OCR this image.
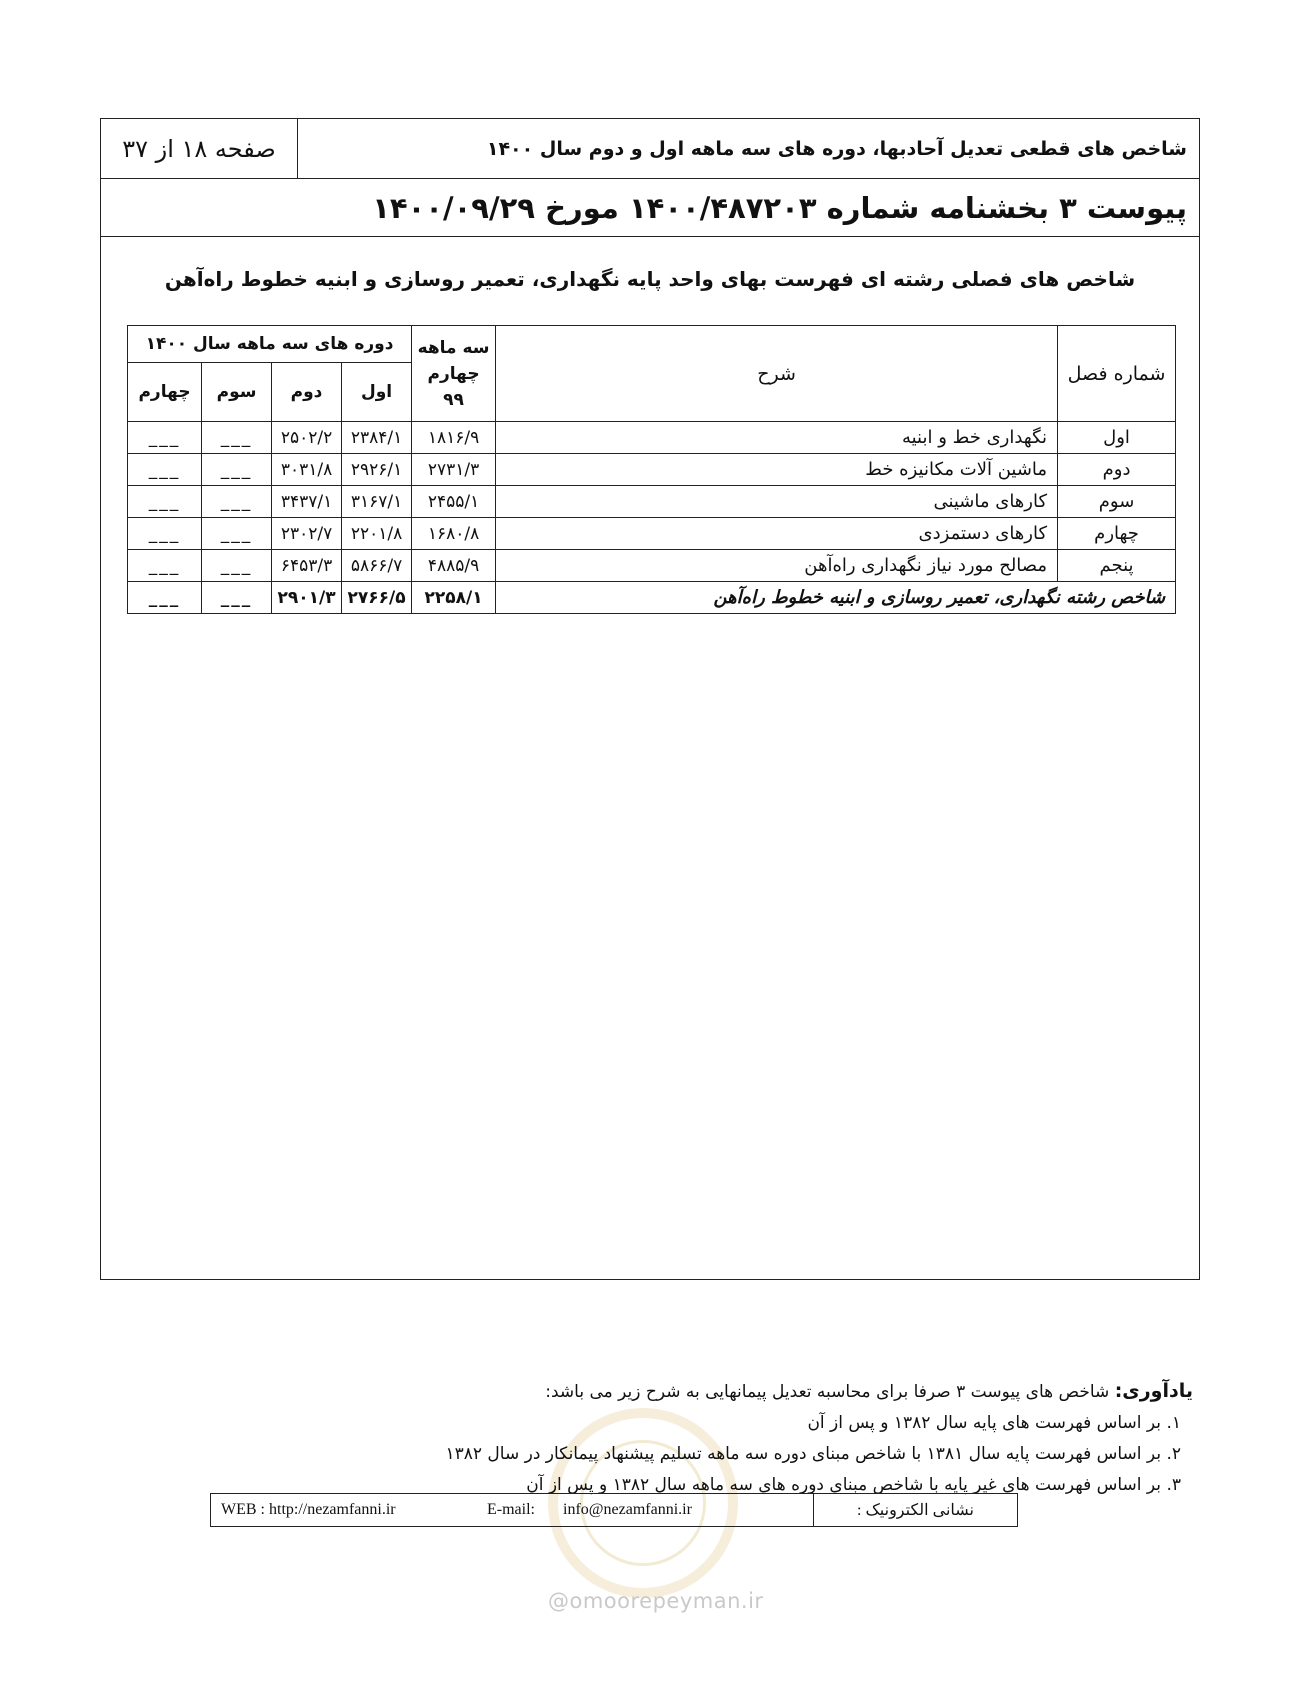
صفحه ۱۸ از ۳۷	شاخص های قطعی تعدیل آحادبها، دوره های سه ماهه اول و دوم سال ۱۴۰۰
پیوست ۳ بخشنامه شماره ۱۴۰۰/۴۸۷۲۰۳ مورخ ۱۴۰۰/۰۹/۲۹
شاخص های فصلی رشته ای فهرست بهای واحد پایه نگهداری، تعمیر روسازی و ابنیه خطوط راه‌آهن
شماره فصل	شرح	سه ماهه چهارم ۹۹	دوره های سه ماهه سال ۱۴۰۰			
			اول	دوم	سوم	چهارم
اول	نگهداری خط و ابنیه	۱۸۱۶/۹	۲۳۸۴/۱	۲۵۰۲/۲	___	___
دوم	ماشین آلات مکانیزه خط	۲۷۳۱/۳	۲۹۲۶/۱	۳۰۳۱/۸	___	___
سوم	کارهای ماشینی	۲۴۵۵/۱	۳۱۶۷/۱	۳۴۳۷/۱	___	___
چهارم	کارهای دستمزدی	۱۶۸۰/۸	۲۲۰۱/۸	۲۳۰۲/۷	___	___
پنجم	مصالح مورد نیاز نگهداری راه‌آهن	۴۸۸۵/۹	۵۸۶۶/۷	۶۴۵۳/۳	___	___
شاخص رشته نگهداری، تعمیر روسازی و ابنیه خطوط راه‌آهن		۲۲۵۸/۱	۲۷۶۶/۵	۲۹۰۱/۳	___	___
یادآوری: شاخص های پیوست ۳ صرفا برای محاسبه تعدیل پیمانهایی به شرح زیر می باشد:
۱. بر اساس فهرست های پایه سال ۱۳۸۲ و پس از آن
۲. بر اساس فهرست پایه سال ۱۳۸۱ با شاخص مبنای دوره سه ماهه تسلیم پیشنهاد پیمانکار در سال ۱۳۸۲
۳. بر اساس فهرست های غیر پایه با شاخص مبنای دوره های سه ماهه سال ۱۳۸۲ و پس از آن
نشانی الکترونیک :
WEB : http://nezamfanni.ir	E-mail: info@nezamfanni.ir
@omoorepeyman.ir
